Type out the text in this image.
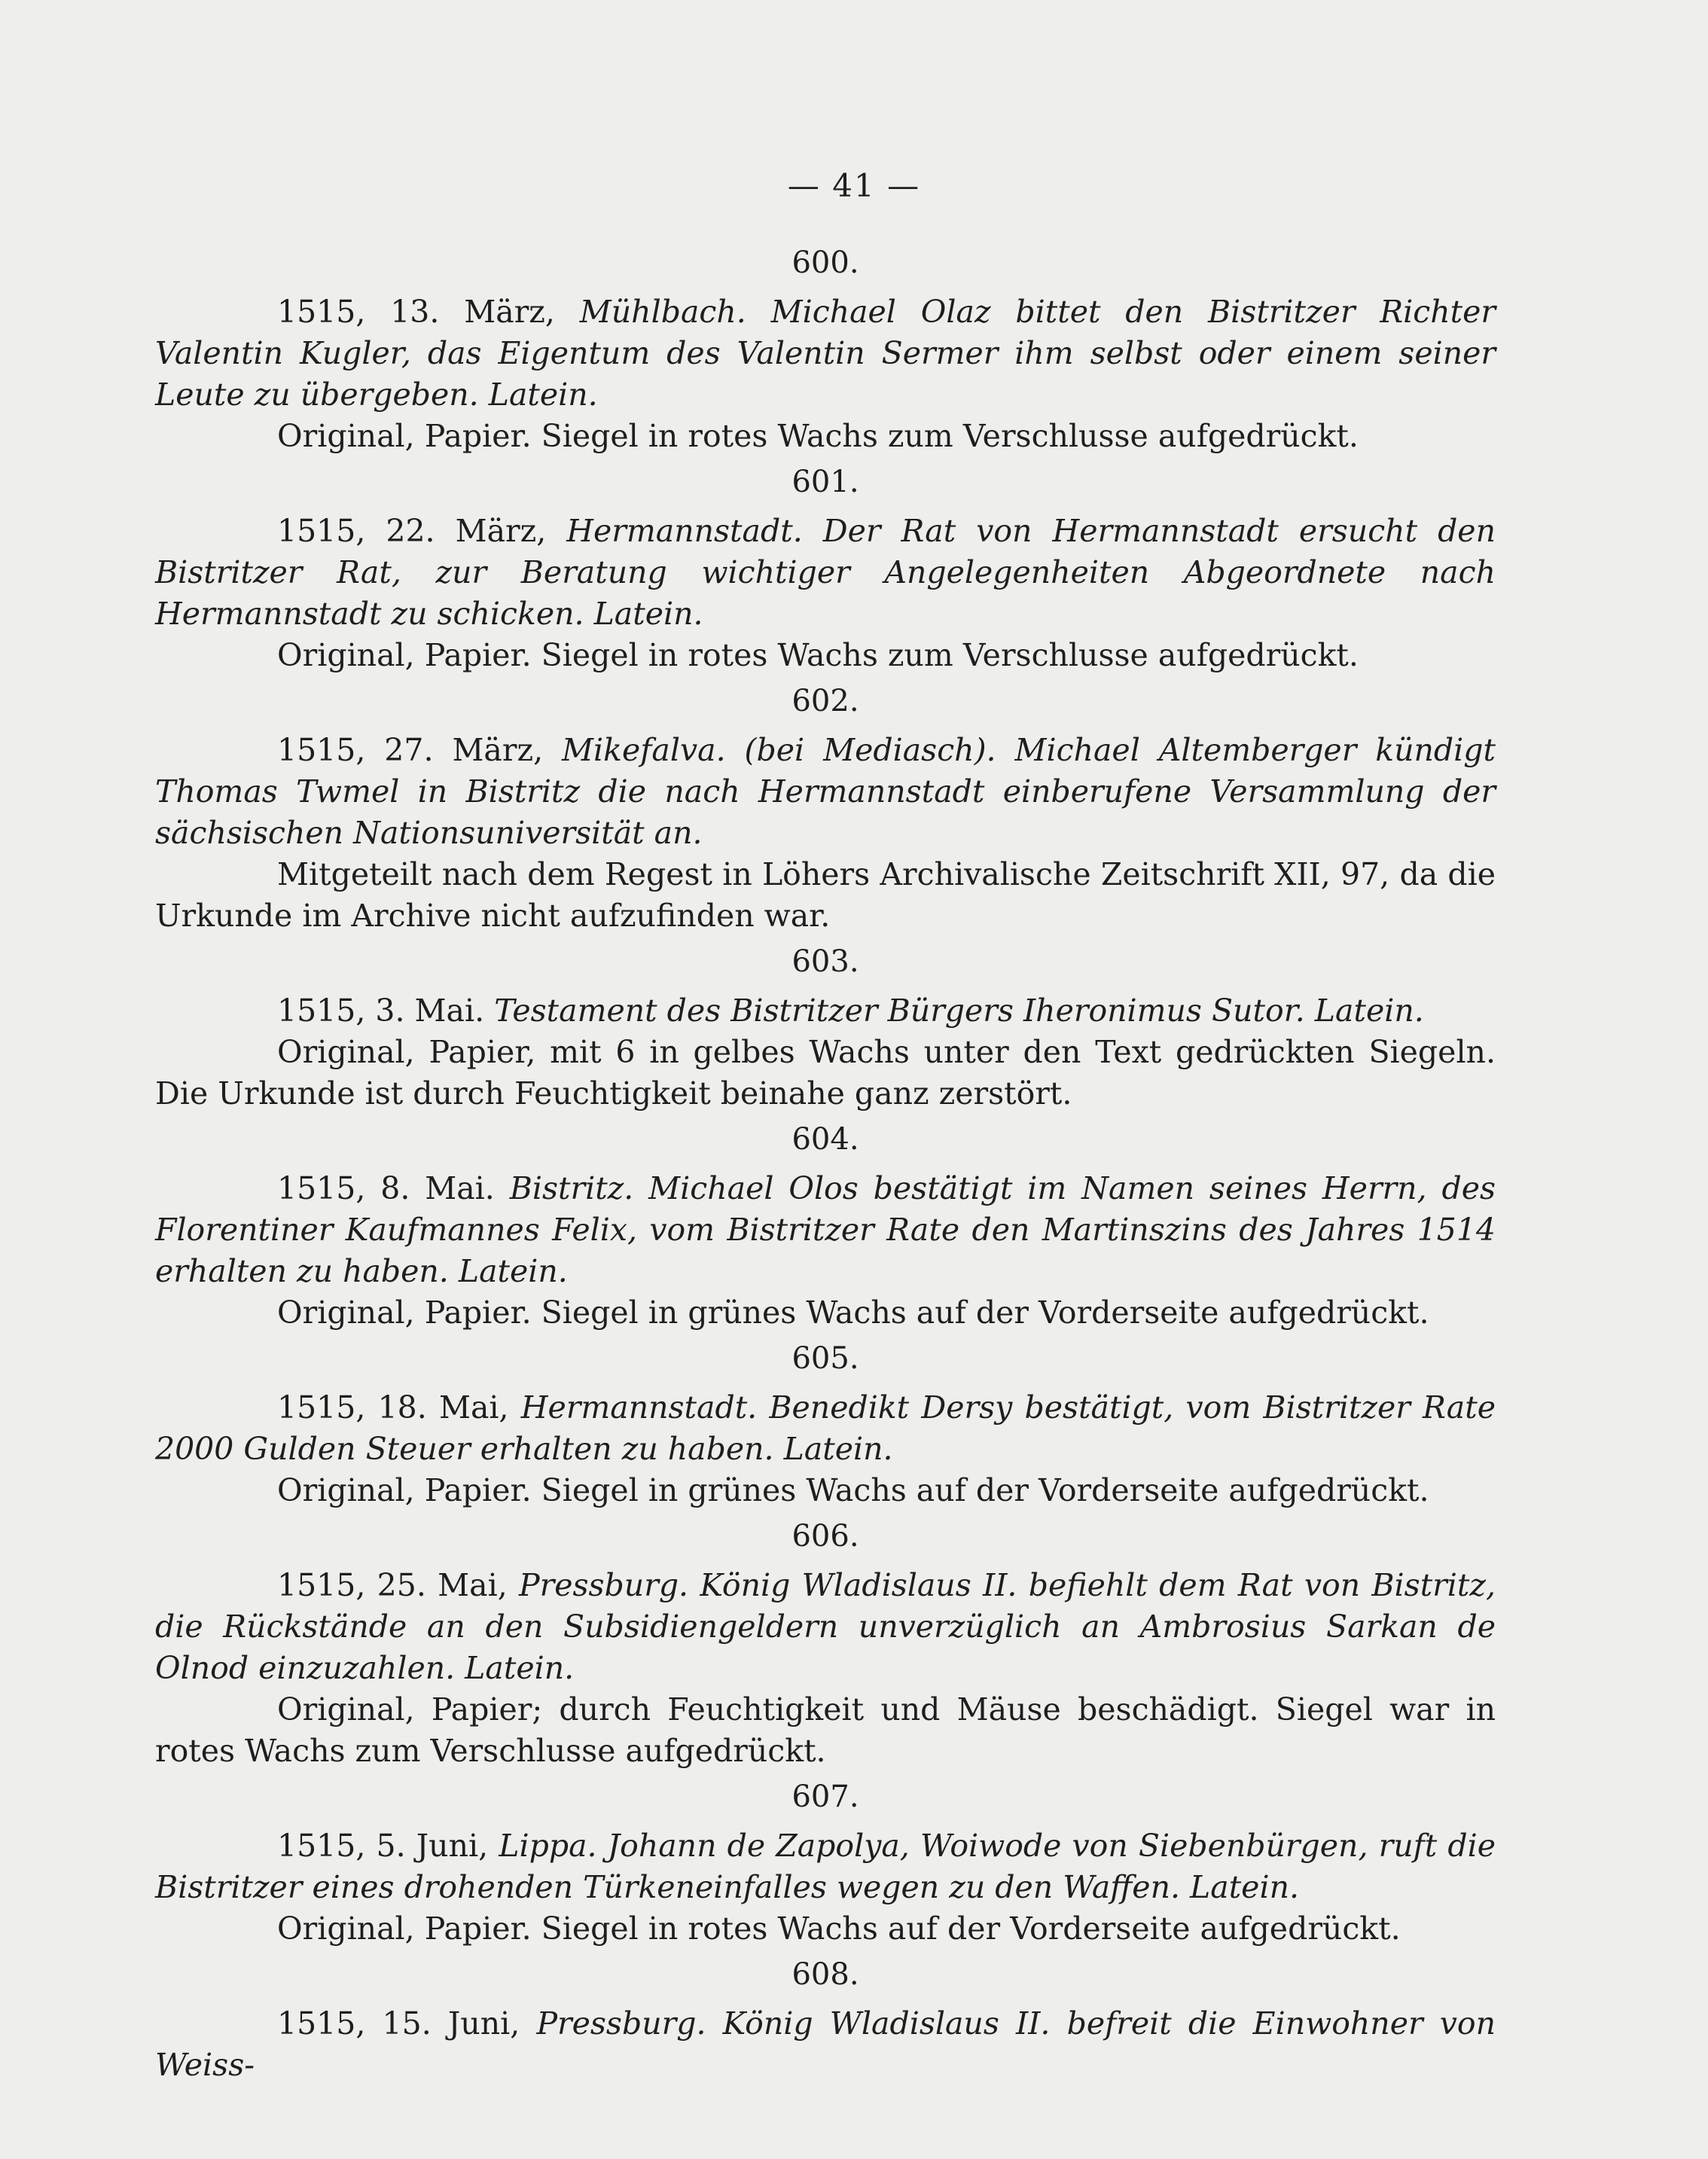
— 41 —
600.
1515, 13. März, Mühlbach. Michael Olaz bittet den Bistritzer Richter Valentin Kugler, das Eigentum des Valentin Sermer ihm selbst oder einem seiner Leute zu übergeben. Latein.
Original, Papier. Siegel in rotes Wachs zum Verschlusse aufgedrückt.
601.
1515, 22. März, Hermannstadt. Der Rat von Hermannstadt ersucht den Bistritzer Rat, zur Beratung wichtiger Angelegenheiten Abgeordnete nach Hermannstadt zu schicken. Latein.
Original, Papier. Siegel in rotes Wachs zum Verschlusse aufgedrückt.
602.
1515, 27. März, Mikefalva. (bei Mediasch). Michael Altemberger kündigt Thomas Twmel in Bistritz die nach Hermannstadt einberufene Versammlung der sächsischen Nationsuniversität an.
Mitgeteilt nach dem Regest in Löhers Archivalische Zeitschrift XII, 97, da die Urkunde im Archive nicht aufzufinden war.
603.
1515, 3. Mai. Testament des Bistritzer Bürgers Iheronimus Sutor. Latein.
Original, Papier, mit 6 in gelbes Wachs unter den Text gedrückten Siegeln. Die Urkunde ist durch Feuchtigkeit beinahe ganz zerstört.
604.
1515, 8. Mai. Bistritz. Michael Olos bestätigt im Namen seines Herrn, des Florentiner Kaufmannes Felix, vom Bistritzer Rate den Martinszins des Jahres 1514 erhalten zu haben. Latein.
Original, Papier. Siegel in grünes Wachs auf der Vorderseite aufgedrückt.
605.
1515, 18. Mai, Hermannstadt. Benedikt Dersy bestätigt, vom Bistritzer Rate 2000 Gulden Steuer erhalten zu haben. Latein.
Original, Papier. Siegel in grünes Wachs auf der Vorderseite aufgedrückt.
606.
1515, 25. Mai, Pressburg. König Wladislaus II. befiehlt dem Rat von Bistritz, die Rückstände an den Subsidiengeldern unverzüglich an Ambrosius Sarkan de Olnod einzuzahlen. Latein.
Original, Papier; durch Feuchtigkeit und Mäuse beschädigt. Siegel war in rotes Wachs zum Verschlusse aufgedrückt.
607.
1515, 5. Juni, Lippa. Johann de Zapolya, Woiwode von Siebenbürgen, ruft die Bistritzer eines drohenden Türkeneinfalles wegen zu den Waffen. Latein.
Original, Papier. Siegel in rotes Wachs auf der Vorderseite aufgedrückt.
608.
1515, 15. Juni, Pressburg. König Wladislaus II. befreit die Einwohner von Weiss-
